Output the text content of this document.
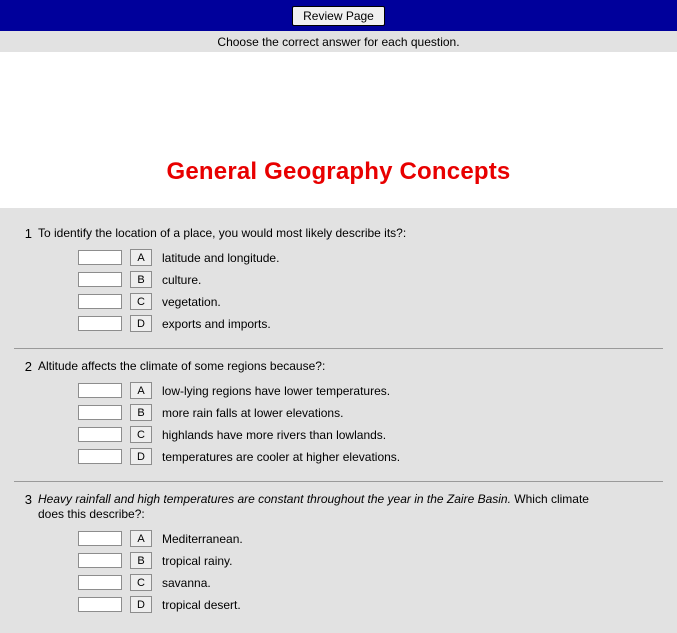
Review Page
Choose the correct answer for each question.
General Geography Concepts
1 To identify the location of a place, you would most likely describe its?:
A	latitude and longitude.
B	culture.
C	vegetation.
D	exports and imports.
2 Altitude affects the climate of some regions because?:
A	low-lying regions have lower temperatures.
B	more rain falls at lower elevations.
C	highlands have more rivers than lowlands.
D	temperatures are cooler at higher elevations.
3 Heavy rainfall and high temperatures are constant throughout the year in the Zaire Basin. Which climate does this describe?:
A	Mediterranean.
B	tropical rainy.
C	savanna.
D	tropical desert.
